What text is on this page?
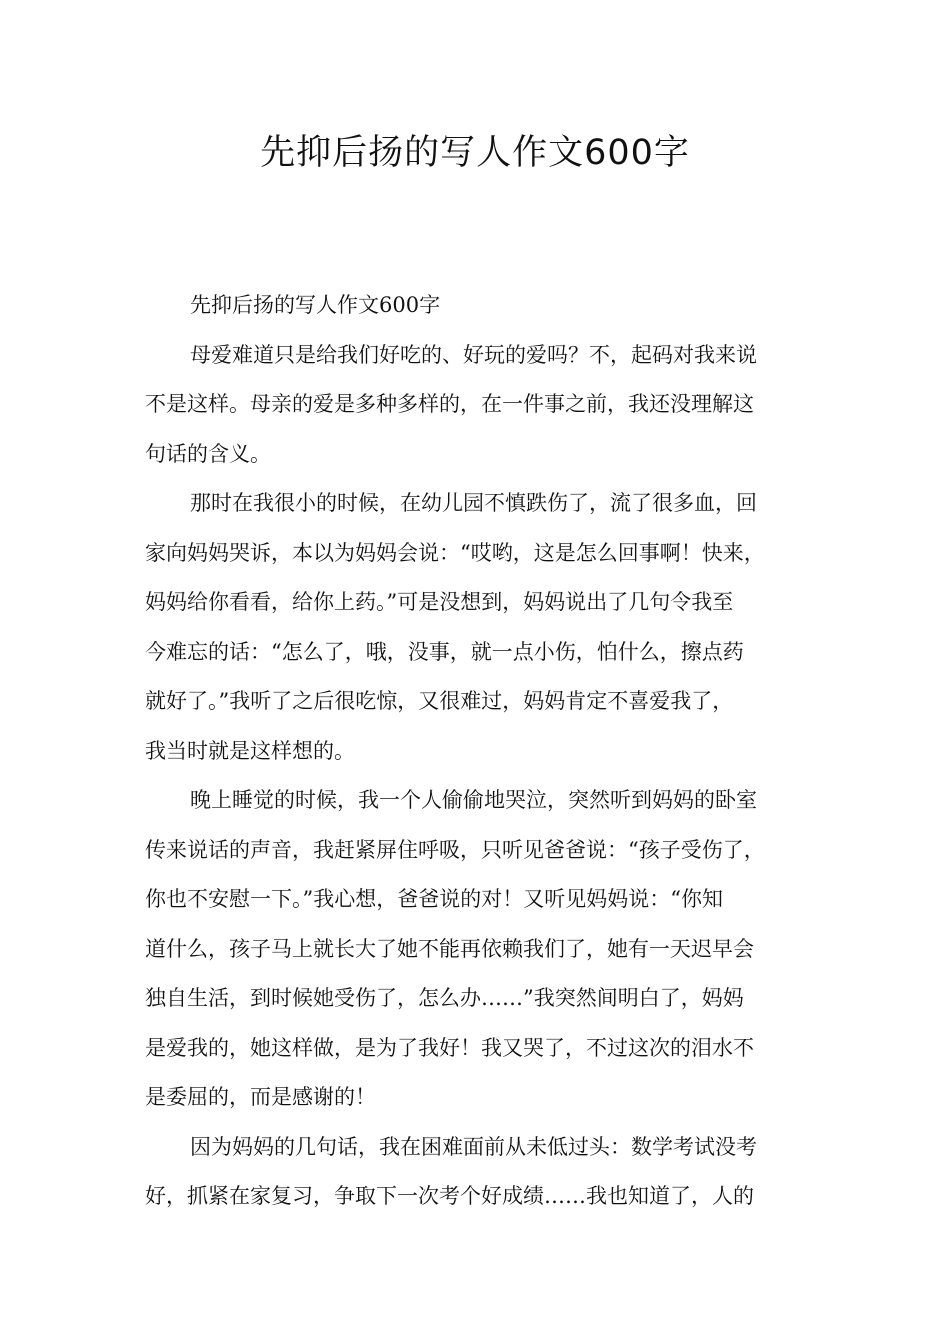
先抑后扬的写人作文600字

先抑后扬的写人作文600字

母爱难道只是给我们好吃的、好玩的爱吗？不，起码对我来说
不是这样。母亲的爱是多种多样的，在一件事之前，我还没理解这
句话的含义。

那时在我很小的时候，在幼儿园不慎跌伤了，流了很多血，回
家向妈妈哭诉，本以为妈妈会说：“哎哟，这是怎么回事啊！快来，
妈妈给你看看，给你上药。”可是没想到，妈妈说出了几句令我至
今难忘的话：“怎么了，哦，没事，就一点小伤，怕什么，擦点药
就好了。”我听了之后很吃惊，又很难过，妈妈肯定不喜爱我了，
我当时就是这样想的。

晚上睡觉的时候，我一个人偷偷地哭泣，突然听到妈妈的卧室
传来说话的声音，我赶紧屏住呼吸，只听见爸爸说：“孩子受伤了，
你也不安慰一下。”我心想，爸爸说的对！又听见妈妈说：“你知
道什么，孩子马上就长大了她不能再依赖我们了，她有一天迟早会
独自生活，到时候她受伤了，怎么办……”我突然间明白了，妈妈
是爱我的，她这样做，是为了我好！我又哭了，不过这次的泪水不
是委屈的，而是感谢的！

因为妈妈的几句话，我在困难面前从未低过头：数学考试没考
好，抓紧在家复习，争取下一次考个好成绩……我也知道了，人的
